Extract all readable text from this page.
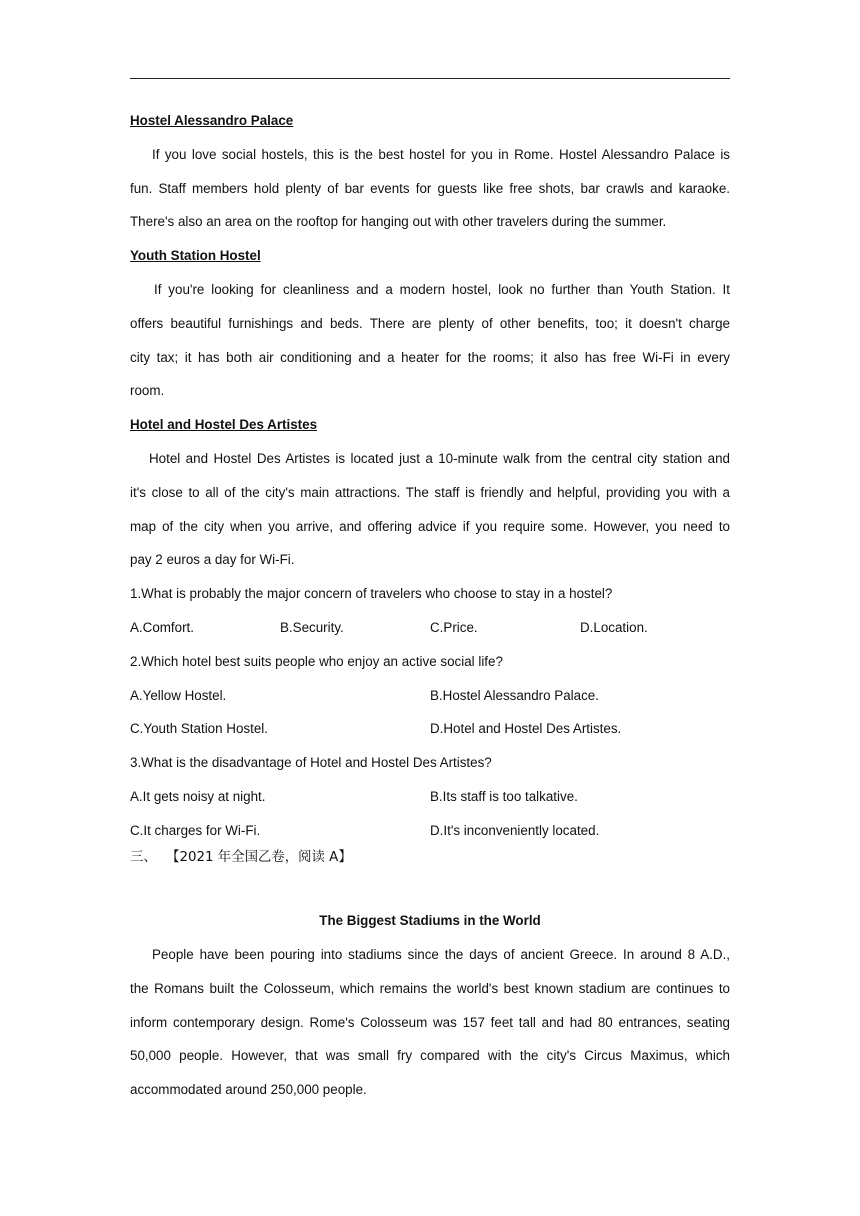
Hostel Alessandro Palace
If you love social hostels, this is the best hostel for you in Rome. Hostel Alessandro Palace is
fun. Staff members hold plenty of bar events for guests like free shots, bar crawls and karaoke.
There's also an area on the rooftop for hanging out with other travelers during the summer.
Youth Station Hostel
If you're looking for cleanliness and a modern hostel, look no further than Youth Station. It
offers beautiful furnishings and beds. There are plenty of other benefits, too; it doesn't charge
city tax; it has both air conditioning and a heater for the rooms; it also has free Wi-Fi in every
room.
Hotel and Hostel Des Artistes
Hotel and Hostel Des Artistes is located just a 10-minute walk from the central city station and
it's close to all of the city's main attractions. The staff is friendly and helpful, providing you with a
map of the city when you arrive, and offering advice if you require some. However, you need to
pay 2 euros a day for Wi-Fi.
1.What is probably the major concern of travelers who choose to stay in a hostel?
A.Comfort.	B.Security.	C.Price.	D.Location.
2.Which hotel best suits people who enjoy an active social life?
A.Yellow Hostel.	B.Hostel Alessandro Palace.
C.Youth Station Hostel.	D.Hotel and Hostel Des Artistes.
3.What is the disadvantage of Hotel and Hostel Des Artistes?
A.It gets noisy at night.	B.Its staff is too talkative.
C.It charges for Wi-Fi.	D.It's inconveniently located.
三、 【2021 年全国乙卷，阅读 A】
The Biggest Stadiums in the World
People have been pouring into stadiums since the days of ancient Greece. In around 8 A.D.,
the Romans built the Colosseum, which remains the world's best known stadium are continues to
inform contemporary design. Rome's Colosseum was 157 feet tall and had 80 entrances, seating
50,000 people. However, that was small fry compared with the city's Circus Maximus, which
accommodated around 250,000 people.
